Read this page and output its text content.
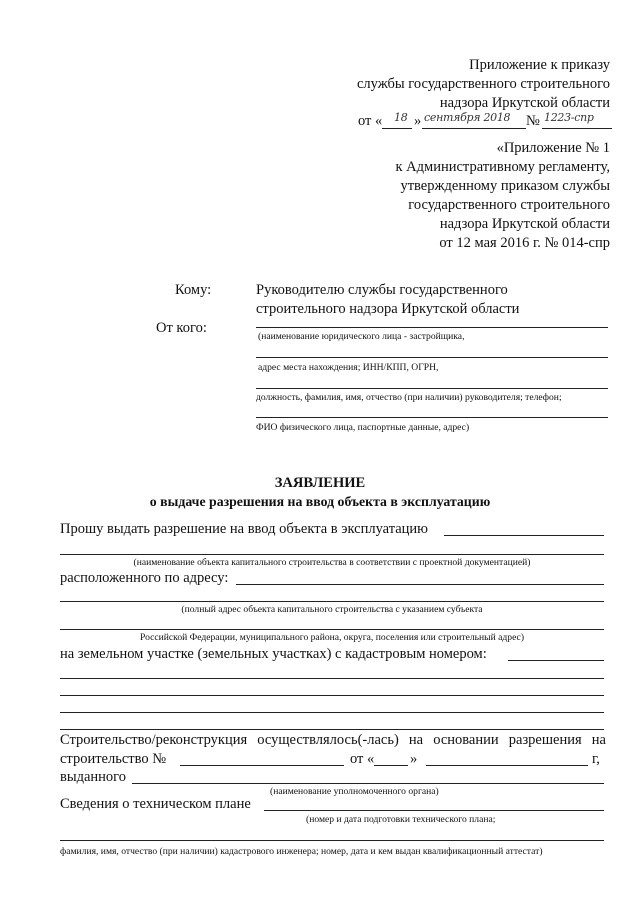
Приложение к приказу
службы государственного строительного
надзора Иркутской области
от « 18 » сентября 2018 № 1223-спр
«Приложение № 1
к Административному регламенту,
утвержденному приказом службы
государственного строительного
надзора Иркутской области
от 12 мая 2016 г. № 014-спр
Кому:	Руководителю службы государственного
строительного надзора Иркутской области
От кого:
(наименование юридического лица - застройщика,
адрес места нахождения; ИНН/КПП, ОГРН,
должность, фамилия, имя, отчество (при наличии) руководителя; телефон;
ФИО физического лица, паспортные данные, адрес)
ЗАЯВЛЕНИЕ
о выдаче разрешения на ввод объекта в эксплуатацию
Прошу выдать разрешение на ввод объекта в эксплуатацию
(наименование объекта капитального строительства в соответствии с проектной документацией)
расположенного по адресу:
(полный адрес объекта капитального строительства с указанием субъекта
Российской Федерации, муниципального района, округа, поселения или строительный адрес)
на земельном участке (земельных участках) с кадастровым номером:
Строительство/реконструкция осуществлялось(-лась) на основании разрешения на
строительство №	от « »	г,
выданного
(наименование уполномоченного органа)
Сведения о техническом плане
(номер и дата подготовки технического плана;
фамилия, имя, отчество (при наличии) кадастрового инженера; номер, дата и кем выдан квалификационный аттестат)
